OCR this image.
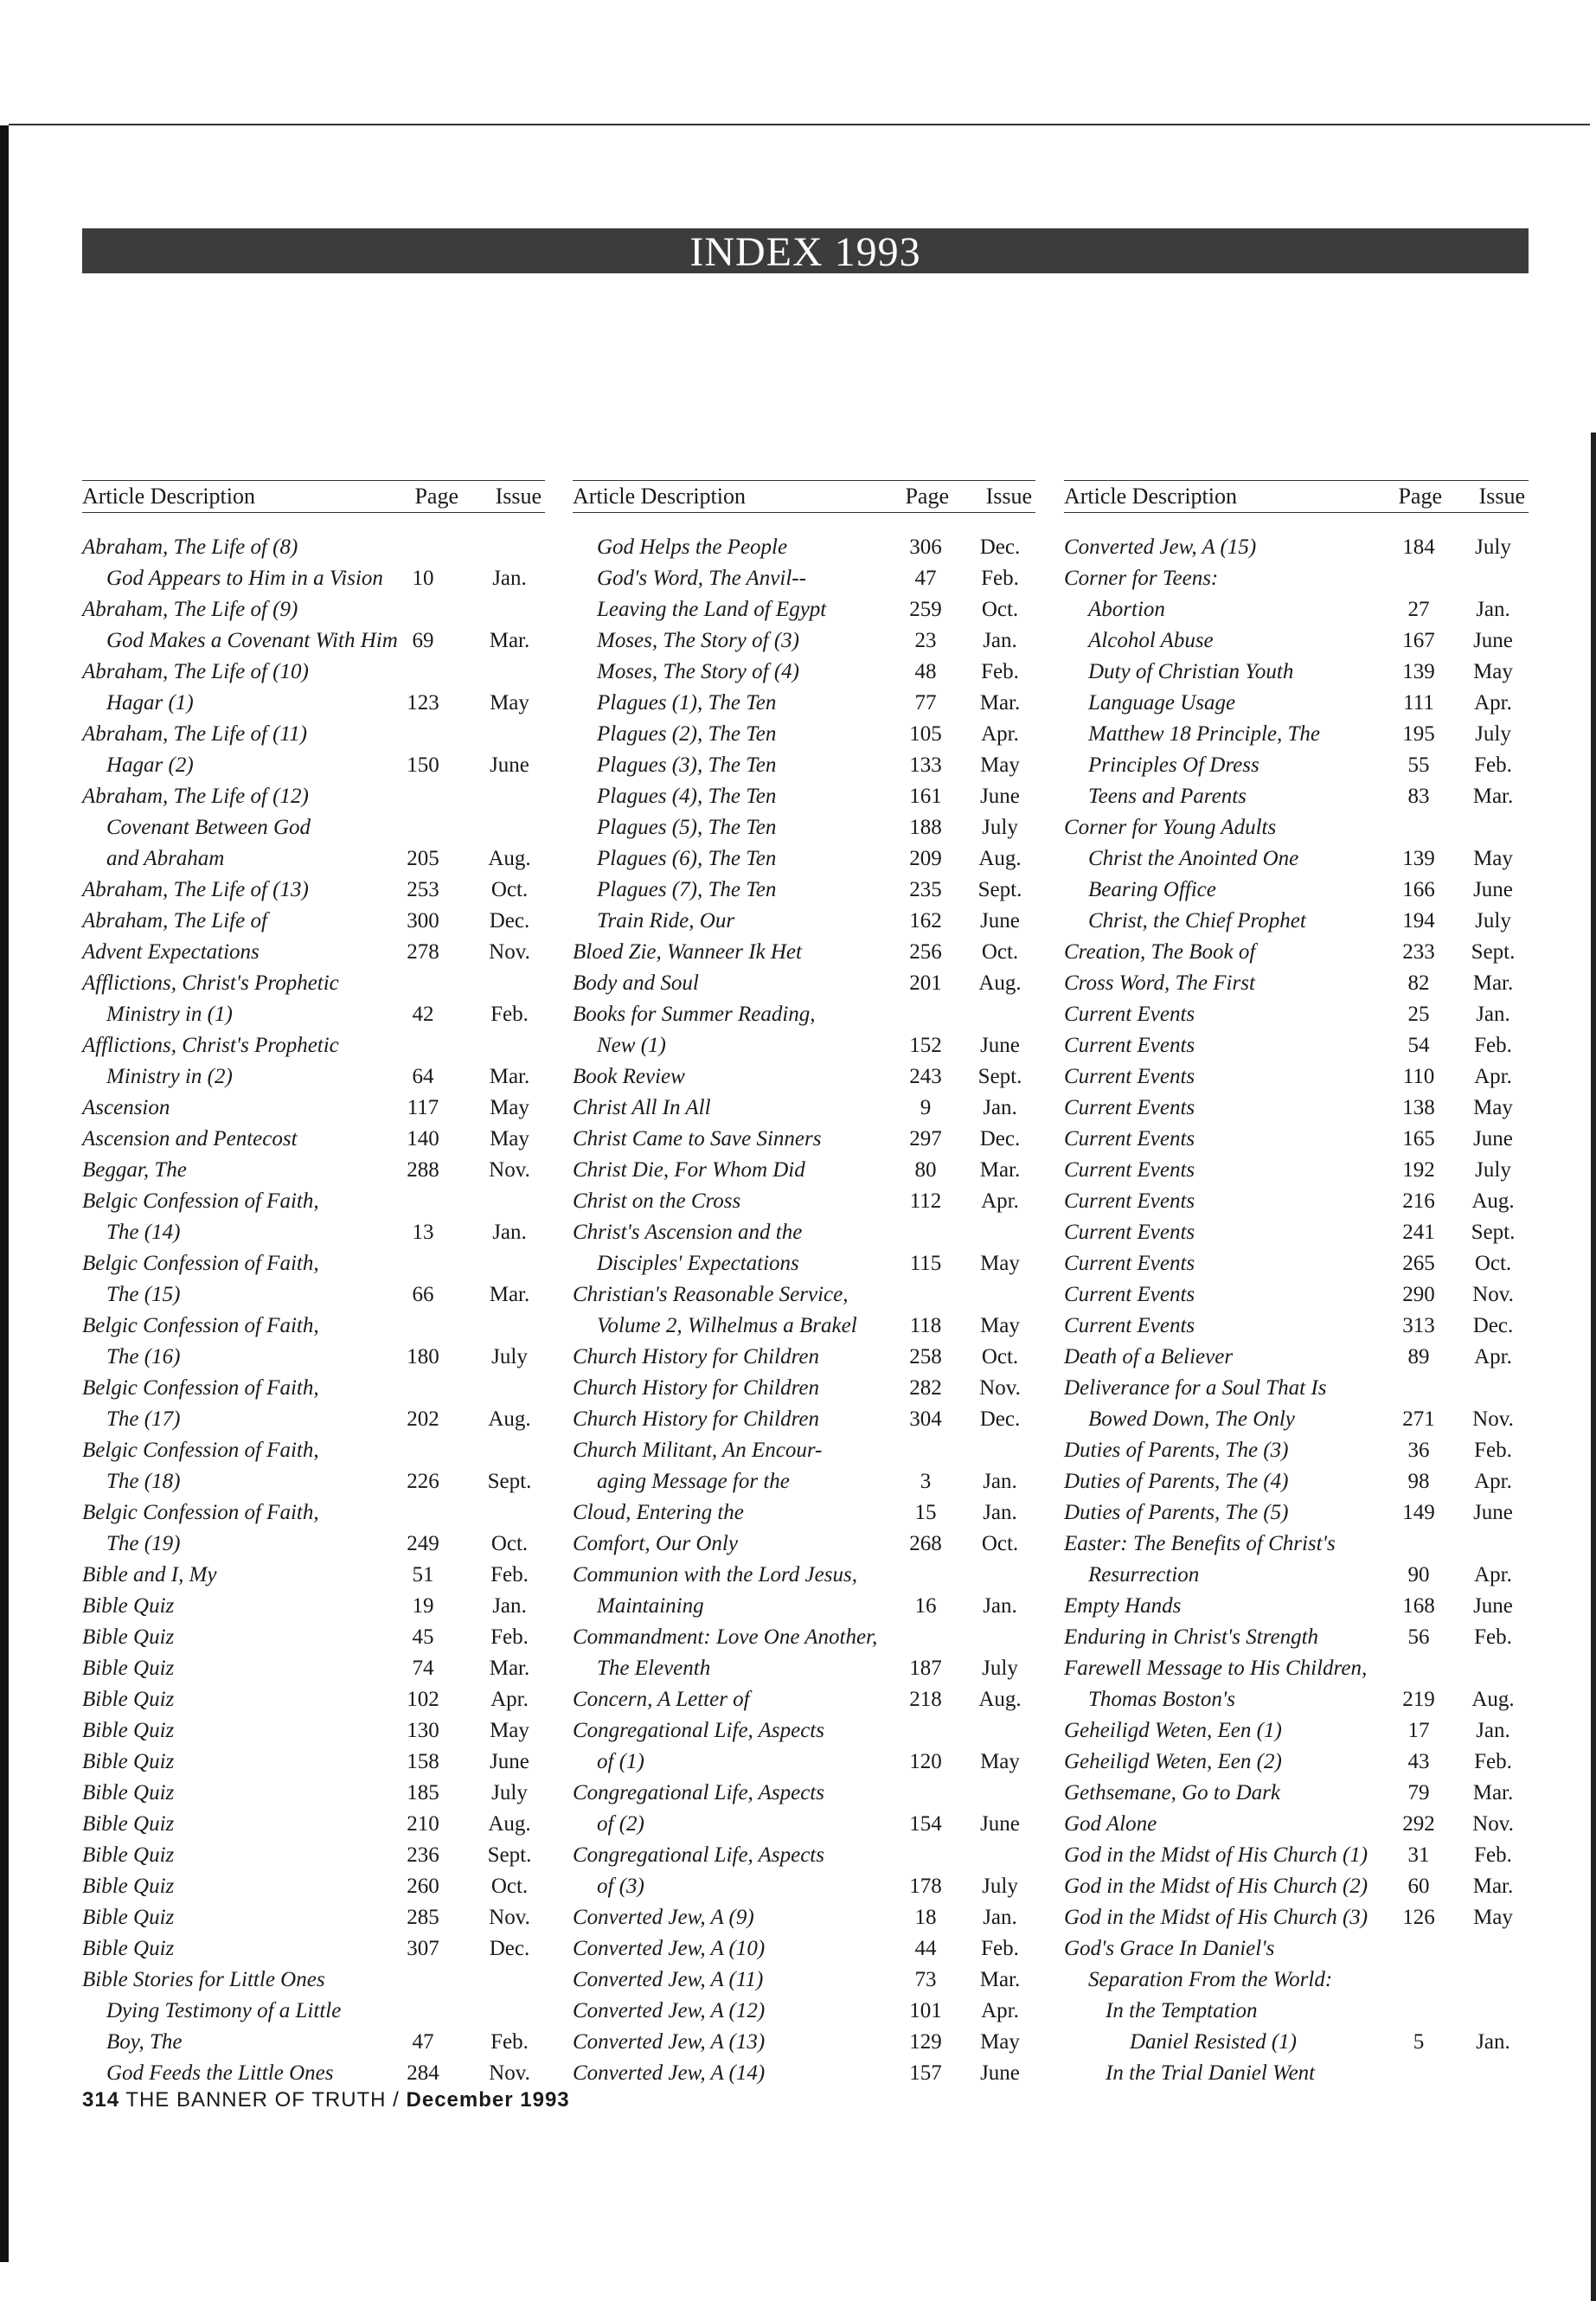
INDEX 1993
Article Description	Page Issue
Abraham, The Life of (8)
God Appears to Him in a Vision	10	Jan.
Abraham, The Life of (9)
God Makes a Covenant With Him 69	Mar.
Abraham, The Life of (10)
Hagar (1)	123	May
Abraham, The Life of (11)
Hagar (2)	150	June
Abraham, The Life of (12)
Covenant Between God
and Abraham	205	Aug.
Abraham, The Life of (13)	253	Oct.
Abraham, The Life of	300	Dec.
Advent Expectations	278	Nov.
Afflictions, Christ's Prophetic
Ministry in (1)	42	Feb.
Afflictions, Christ's Prophetic
Ministry in (2)	64	Mar.
Ascension	117	May
Ascension and Pentecost	140	May
Beggar, The	288	Nov.
Belgic Confession of Faith,
The (14)	13	Jan.
Belgic Confession of Faith,
The (15)	66	Mar.
Belgic Confession of Faith,
The (16)	180	July
Belgic Confession of Faith,
The (17)	202	Aug.
Belgic Confession of Faith,
The (18)	226	Sept.
Belgic Confession of Faith,
The (19)	249	Oct.
Bible and I, My	51	Feb.
Bible Quiz	19	Jan.
Bible Quiz	45	Feb.
Bible Quiz	74	Mar.
Bible Quiz	102	Apr.
Bible Quiz	130	May
Bible Quiz	158	June
Bible Quiz	185	July
Bible Quiz	210	Aug.
Bible Quiz	236	Sept.
Bible Quiz	260	Oct.
Bible Quiz	285	Nov.
Bible Quiz	307	Dec.
Bible Stories for Little Ones
Dying Testimony of a Little
Boy, The	47	Feb.
God Feeds the Little Ones	284	Nov.
Article Description	Page Issue
God Helps the People	306	Dec.
God's Word, The Anvil--	47	Feb.
Leaving the Land of Egypt	259	Oct.
Moses, The Story of (3)	23	Jan.
Moses, The Story of (4)	48	Feb.
Plagues (1), The Ten	77	Mar.
Plagues (2), The Ten	105	Apr.
Plagues (3), The Ten	133	May
Plagues (4), The Ten	161	June
Plagues (5), The Ten	188	July
Plagues (6), The Ten	209	Aug.
Plagues (7), The Ten	235	Sept.
Train Ride, Our	162	June
Bloed Zie, Wanneer Ik Het	256	Oct.
Body and Soul	201	Aug.
Books for Summer Reading,
New (1)	152	June
Book Review	243	Sept.
Christ All In All	9	Jan.
Christ Came to Save Sinners	297	Dec.
Christ Die, For Whom Did	80	Mar.
Christ on the Cross	112	Apr.
Christ's Ascension and the
Disciples' Expectations	115	May
Christian's Reasonable Service,
Volume 2, Wilhelmus a Brakel	118	May
Church History for Children	258	Oct.
Church History for Children	282	Nov.
Church History for Children	304	Dec.
Church Militant, An Encour-
aging Message for the	3	Jan.
Cloud, Entering the	15	Jan.
Comfort, Our Only	268	Oct.
Communion with the Lord Jesus,
Maintaining	16	Jan.
Commandment: Love One Another,
The Eleventh	187	July
Concern, A Letter of	218	Aug.
Congregational Life, Aspects
of (1)	120	May
Congregational Life, Aspects
of (2)	154	June
Congregational Life, Aspects
of (3)	178	July
Converted Jew, A (9)	18	Jan.
Converted Jew, A (10)	44	Feb.
Converted Jew, A (11)	73	Mar.
Converted Jew, A (12)	101	Apr.
Converted Jew, A (13)	129	May
Converted Jew, A (14)	157	June
Article Description	Page Issue
Converted Jew, A (15)	184	July
Corner for Teens:
Abortion	27	Jan.
Alcohol Abuse	167	June
Duty of Christian Youth	139	May
Language Usage	111	Apr.
Matthew 18 Principle, The	195	July
Principles Of Dress	55	Feb.
Teens and Parents	83	Mar.
Corner for Young Adults
Christ the Anointed One	139	May
Bearing Office	166	June
Christ, the Chief Prophet	194	July
Creation, The Book of	233	Sept.
Cross Word, The First	82	Mar.
Current Events	25	Jan.
Current Events	54	Feb.
Current Events	110	Apr.
Current Events	138	May
Current Events	165	June
Current Events	192	July
Current Events	216	Aug.
Current Events	241	Sept.
Current Events	265	Oct.
Current Events	290	Nov.
Current Events	313	Dec.
Death of a Believer	89	Apr.
Deliverance for a Soul That Is
Bowed Down, The Only	271	Nov.
Duties of Parents, The (3)	36	Feb.
Duties of Parents, The (4)	98	Apr.
Duties of Parents, The (5)	149	June
Easter: The Benefits of Christ's
Resurrection	90	Apr.
Empty Hands	168	June
Enduring in Christ's Strength	56	Feb.
Farewell Message to His Children,
Thomas Boston's	219	Aug.
Geheiligd Weten, Een (1)	17	Jan.
Geheiligd Weten, Een (2)	43	Feb.
Gethsemane, Go to Dark	79	Mar.
God Alone	292	Nov.
God in the Midst of His Church (1)	31	Feb.
God in the Midst of His Church (2)	60	Mar.
God in the Midst of His Church (3)	126	May
God's Grace In Daniel's
Separation From the World:
In the Temptation
Daniel Resisted (1)	5	Jan.
In the Trial Daniel Went
314 THE BANNER OF TRUTH / December 1993
